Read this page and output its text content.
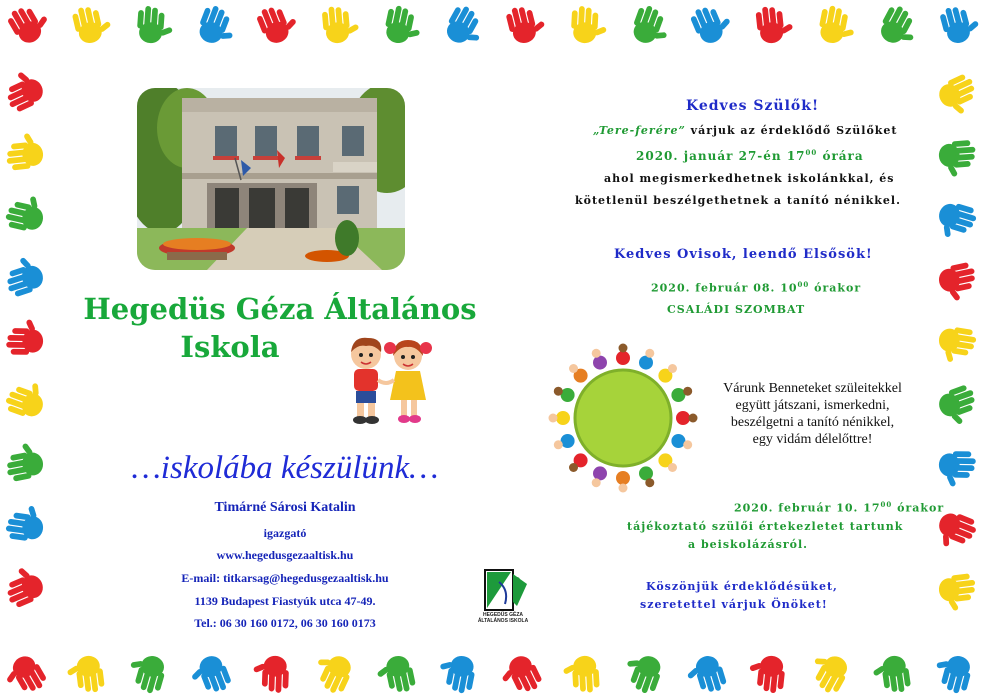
Hegedüs Géza Általános
Iskola
…iskolába készülünk…
Timárné Sárosi Katalin
igazgató
www.hegedusgezaaltisk.hu
E-mail: titkarsag@hegedusgezaaltisk.hu
1139 Budapest Fiastyúk utca 47-49.
Tel.: 06 30 160 0172, 06 30 160 0173
HEGEDÜS GÉZA
ÁLTALÁNOS ISKOLA
Kedves Szülők!
„Tere-ferére” várjuk az érdeklődő Szülőket
2020. január 27-én $17^{00}$ órára
ahol megismerkedhetnek iskolánkkal, és
kötetlenül beszélgethetnek a tanító nénikkel.
Kedves Ovisok, leendő Elsősök!
2020. február 08. $10^{00}$ órakor
CSALÁDI SZOMBAT
Várunk Benneteket szüleitekkel
együtt játszani, ismerkedni,
beszélgetni a tanító nénikkel,
egy vidám délelőttre!
2020. február 10. $17^{00}$ órakor
tájékoztató szülői értekezletet tartunk
a beiskolázásról.
Köszönjük érdeklődésüket,
szeretettel várjuk Önöket!
